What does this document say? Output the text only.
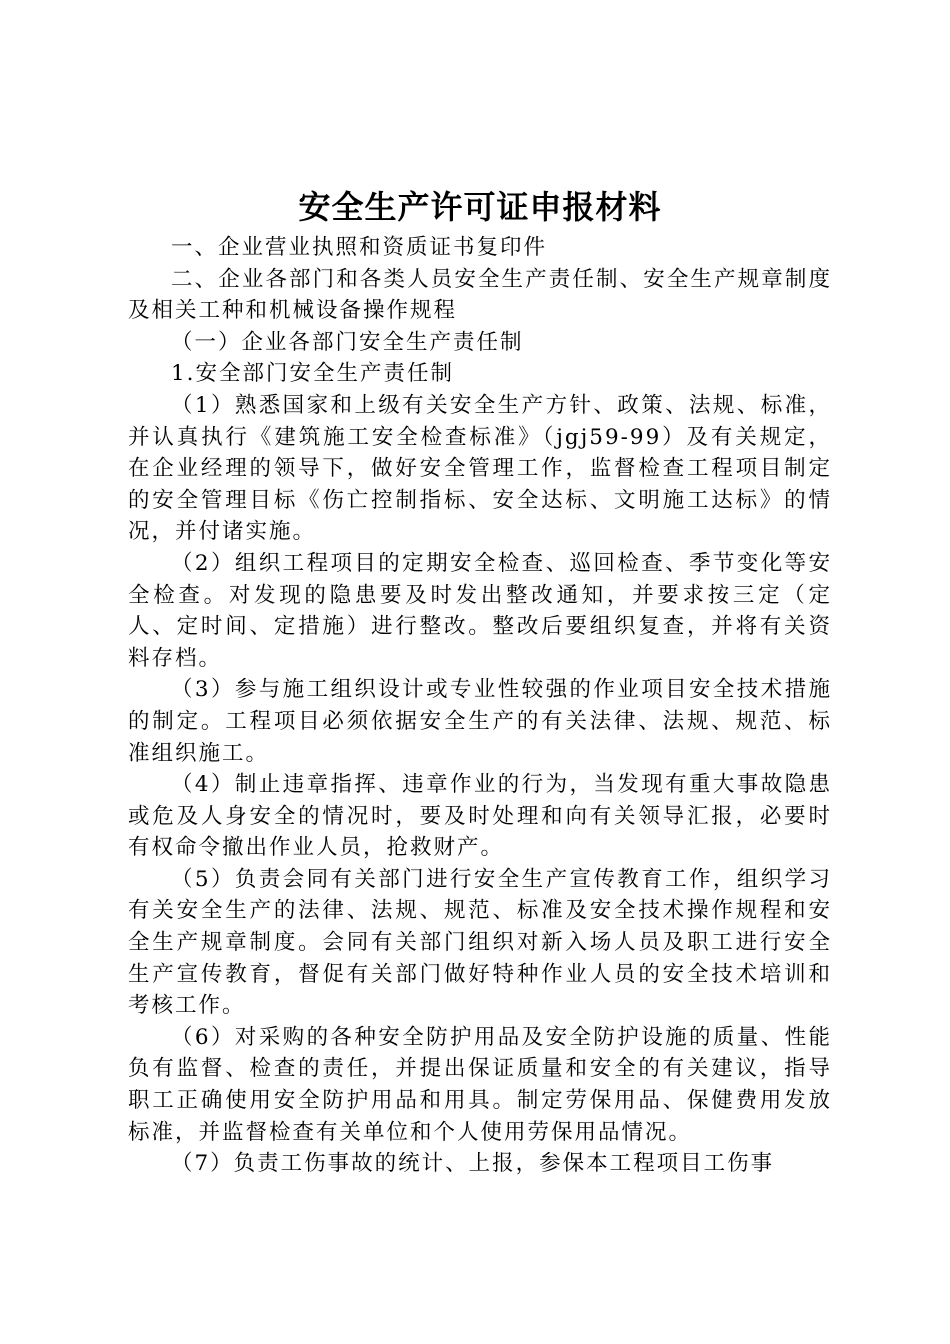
安全生产许可证申报材料

一、企业营业执照和资质证书复印件

二、企业各部门和各类人员安全生产责任制、安全生产规章制度及相关工种和机械设备操作规程

（一）企业各部门安全生产责任制

1.安全部门安全生产责任制

（1）熟悉国家和上级有关安全生产方针、政策、法规、标准，并认真执行《建筑施工安全检查标准》（jgj59-99）及有关规定，在企业经理的领导下，做好安全管理工作，监督检查工程项目制定的安全管理目标《伤亡控制指标、安全达标、文明施工达标》的情况，并付诸实施。

（2）组织工程项目的定期安全检查、巡回检查、季节变化等安全检查。对发现的隐患要及时发出整改通知，并要求按三定（定人、定时间、定措施）进行整改。整改后要组织复查，并将有关资料存档。

（3）参与施工组织设计或专业性较强的作业项目安全技术措施的制定。工程项目必须依据安全生产的有关法律、法规、规范、标准组织施工。

（4）制止违章指挥、违章作业的行为，当发现有重大事故隐患或危及人身安全的情况时，要及时处理和向有关领导汇报，必要时有权命令撤出作业人员，抢救财产。

（5）负责会同有关部门进行安全生产宣传教育工作，组织学习有关安全生产的法律、法规、规范、标准及安全技术操作规程和安全生产规章制度。会同有关部门组织对新入场人员及职工进行安全生产宣传教育，督促有关部门做好特种作业人员的安全技术培训和考核工作。

（6）对采购的各种安全防护用品及安全防护设施的质量、性能负有监督、检查的责任，并提出保证质量和安全的有关建议，指导职工正确使用安全防护用品和用具。制定劳保用品、保健费用发放标准，并监督检查有关单位和个人使用劳保用品情况。

（7）负责工伤事故的统计、上报，参保本工程项目工伤事
